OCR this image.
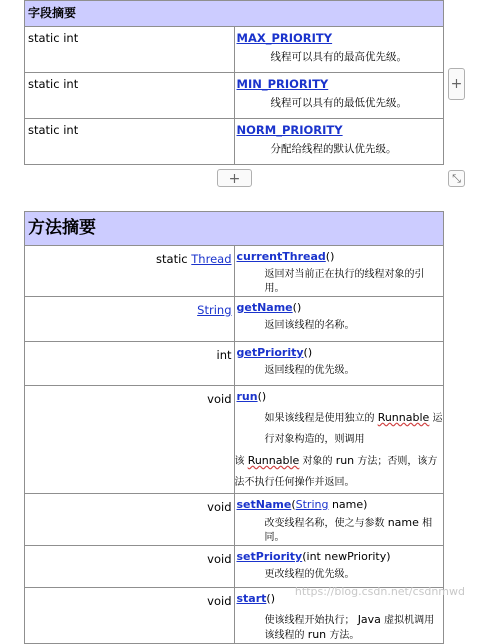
字段摘要	
static int	MAX_PRIORITY
线程可以具有的最高优先级。

static int	MIN_PRIORITY
线程可以具有的最低优先级。

static int	NORM_PRIORITY
分配给线程的默认优先级。
+
+
⤡
方法摘要	
static Thread	currentThread()
返回对当前正在执行的线程对象的引用。

String	getName()
返回该线程的名称。

int	getPriority()
返回线程的优先级。

void	run()
如果该线程是使用独立的 Runnable 运行对象构造的，则调用
该 Runnable 对象的 run 方法；否则，该方法不执行任何操作并返回。

void	setName(String name)
改变线程名称，使之与参数 name 相同。

void	setPriority(int newPriority)
更改线程的优先级。

void	start()
使该线程开始执行； Java 虚拟机调用该线程的 run 方法。
https://blog.csdn.net/csdnmwd
